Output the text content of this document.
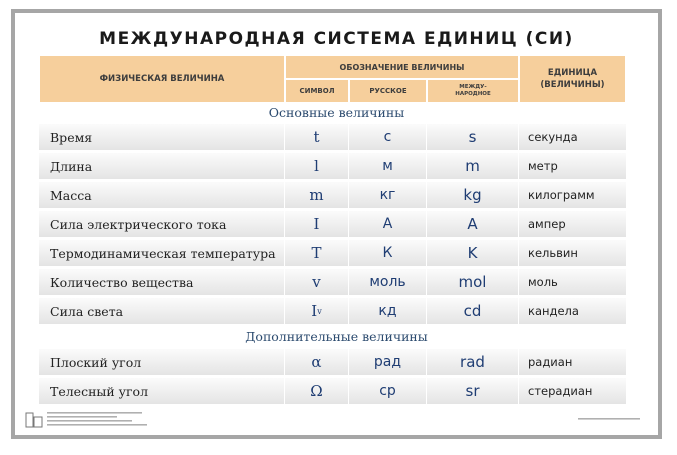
МЕЖДУНАРОДНАЯ СИСТЕМА ЕДИНИЦ (СИ)
ФИЗИЧЕСКАЯ ВЕЛИЧИНА
ОБОЗНАЧЕНИЕ ВЕЛИЧИНЫ
СИМВОЛ	РУССКОЕ	МЕЖДУ-
НАРОДНОЕ
ЕДИНИЦА
(ВЕЛИЧИНЫ)
Основные величины
Время	t	с	s	секунда
Длина	l	м	m	метр
Масса	m	кг	kg	килограмм
Сила электрического тока	I	А	A	ампер
Термодинамическая температура	T	К	K	кельвин
Количество вещества	v	моль	mol	моль
Сила света	I v	кд	cd	кандела
Дополнительные величины
Плоский угол	α	рад	rad	радиан
Телесный угол	Ω	ср	sr	стерадиан
